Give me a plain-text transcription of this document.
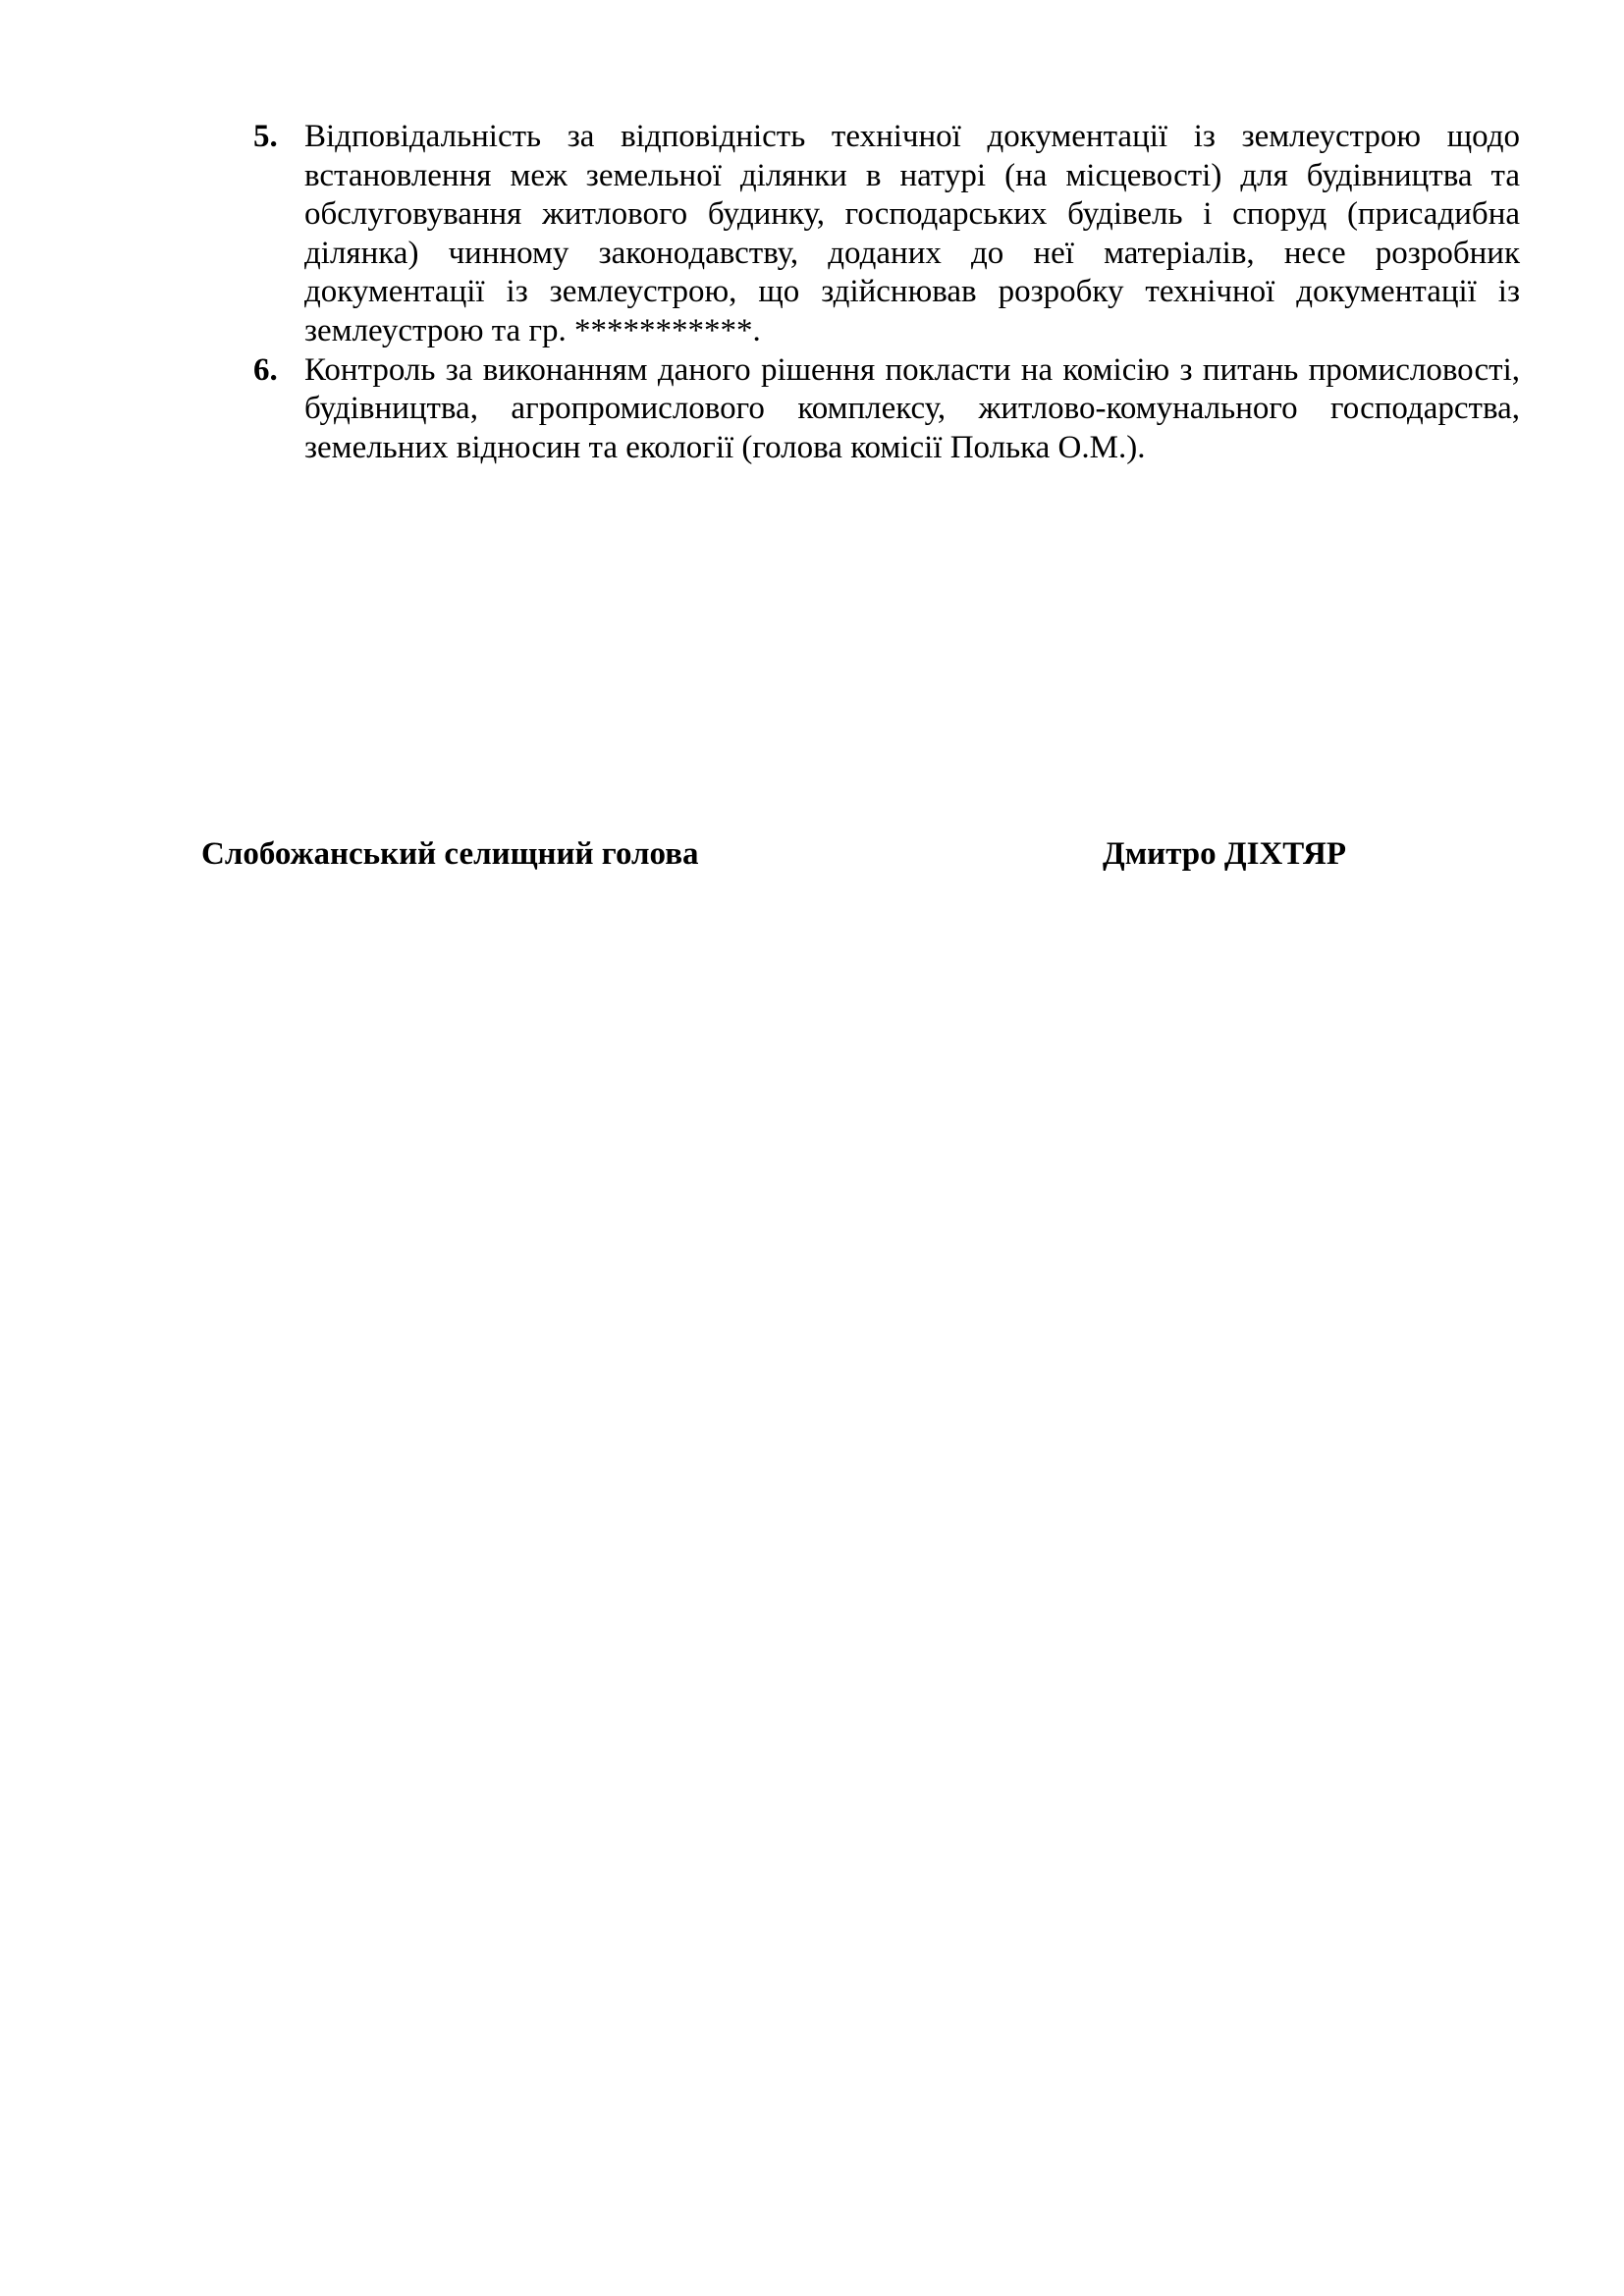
5. Відповідальність за відповідність технічної документації із землеустрою щодо встановлення меж земельної ділянки в натурі (на місцевості) для будівництва та обслуговування житлового будинку, господарських будівель і споруд (присадибна ділянка) чинному законодавству, доданих до неї матеріалів, несе розробник документації із землеустрою, що здійснював розробку технічної документації із землеустрою та гр. ***********.
6. Контроль за виконанням даного рішення покласти на комісію з питань промисловості, будівництва, агропромислового комплексу, житлово-комунального господарства, земельних відносин та екології (голова комісії Полька О.М.).
Слобожанський селищний голова	Дмитро ДІХТЯР
